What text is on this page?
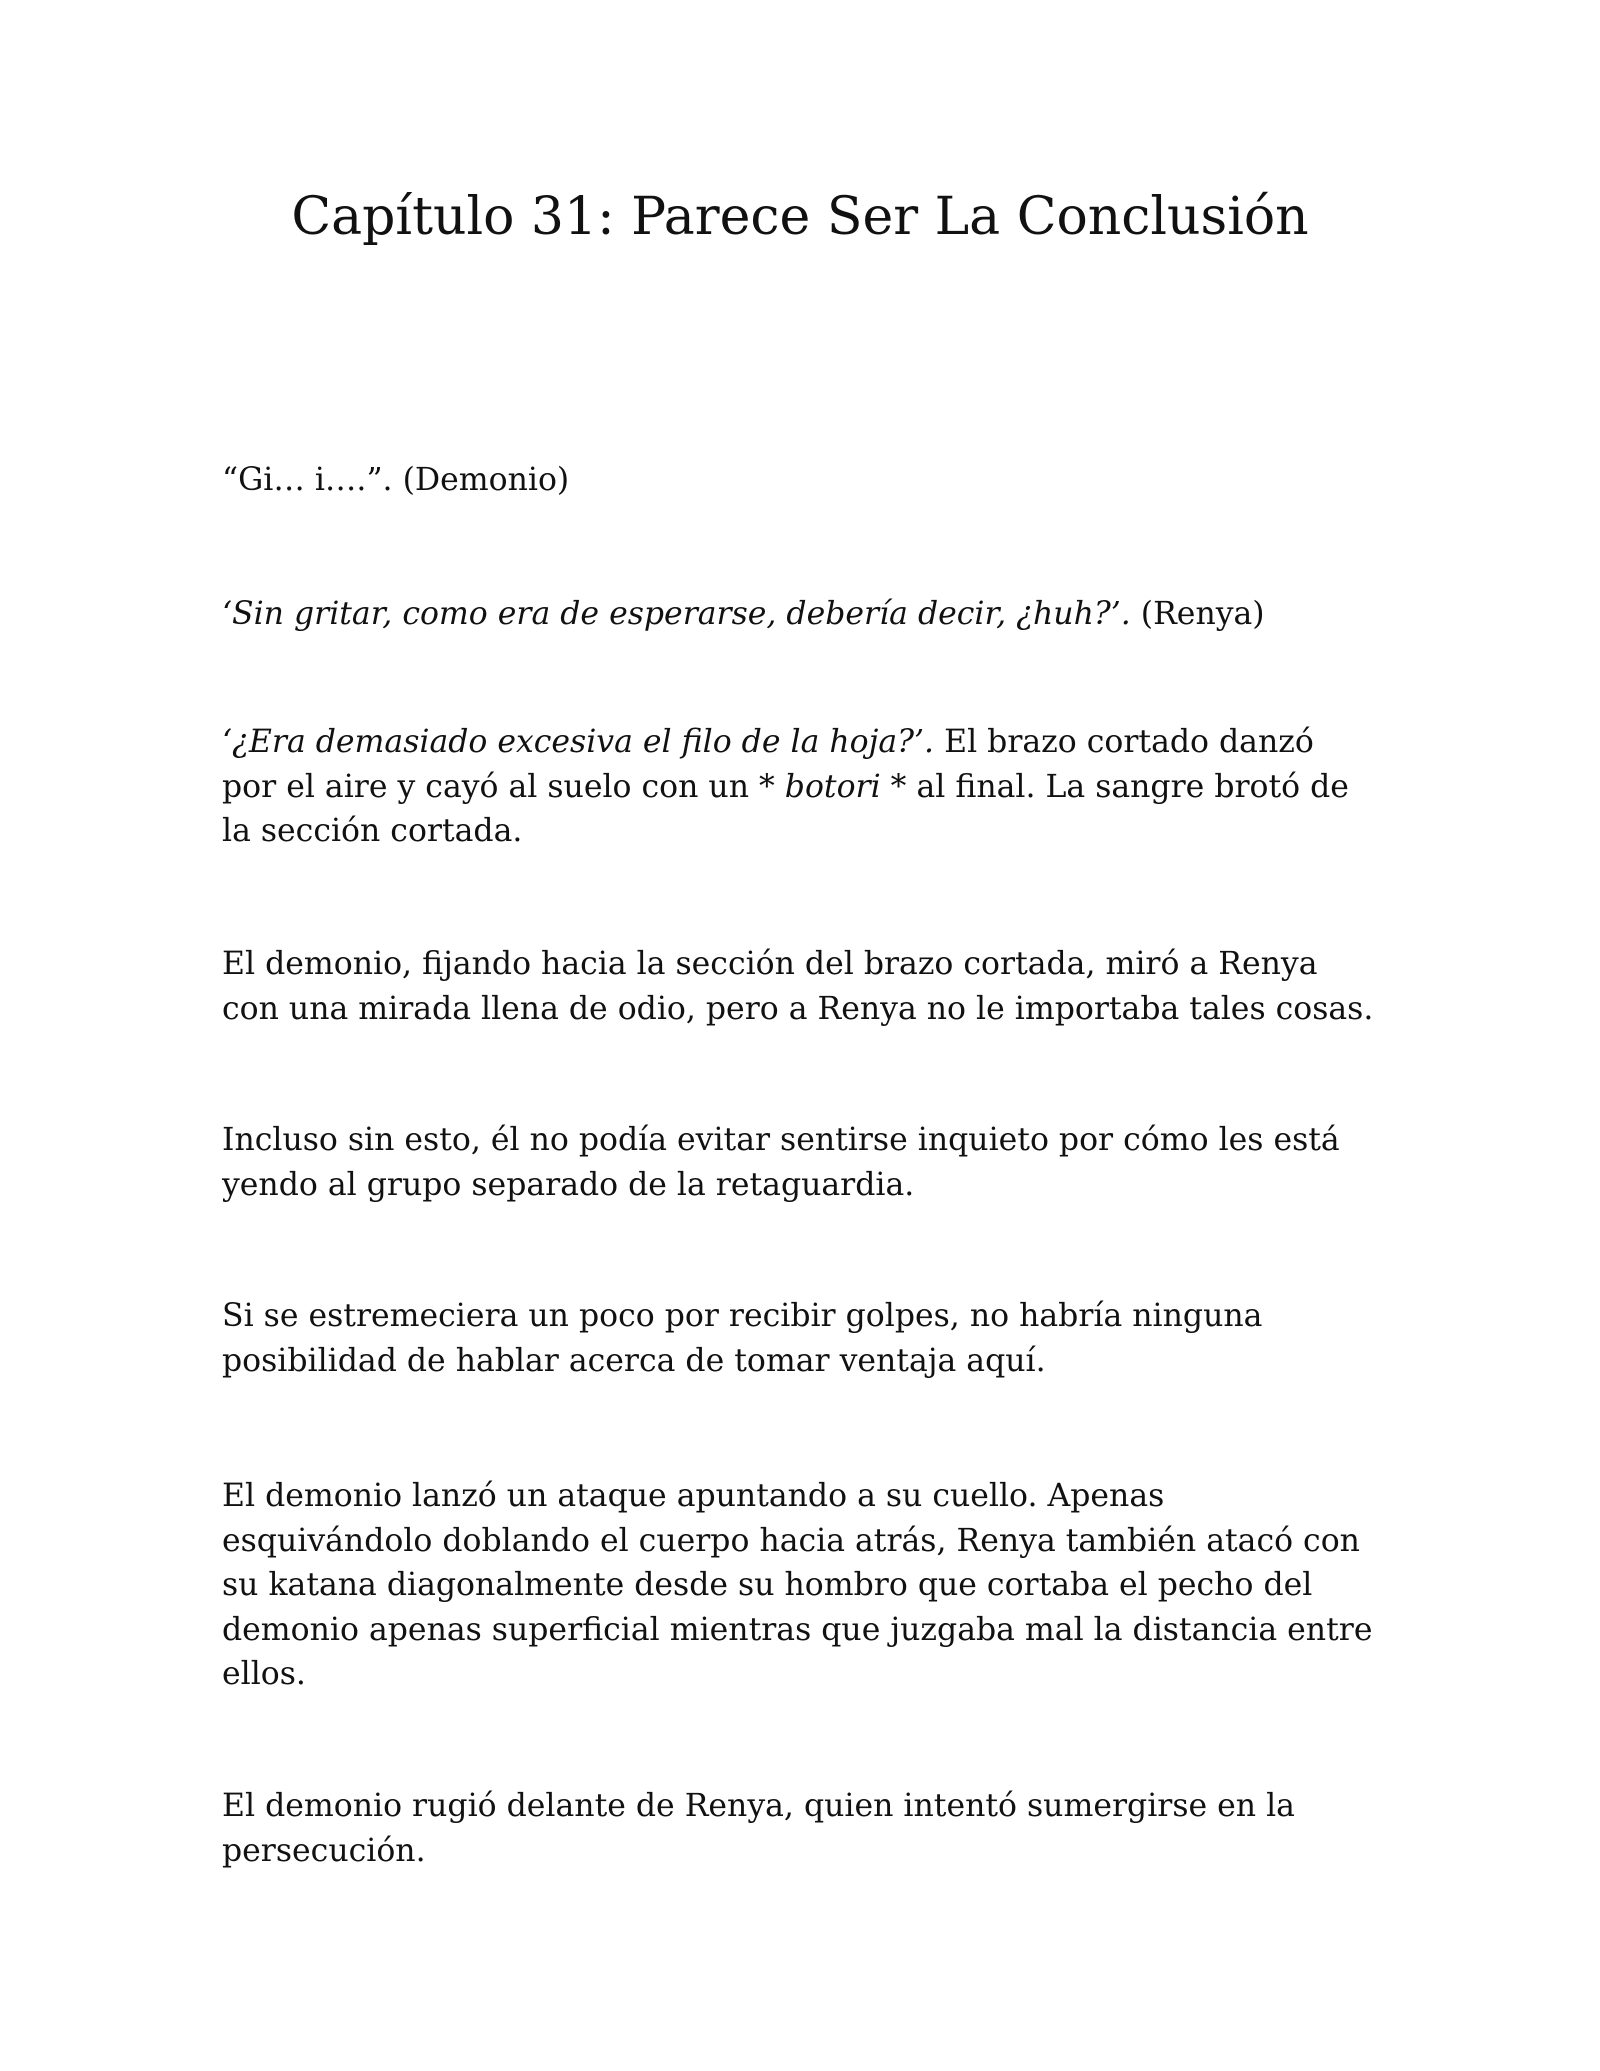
Capítulo 31: Parece Ser La Conclusión

“Gi… i….”. (Demonio)

‘Sin gritar, como era de esperarse, debería decir, ¿huh?’. (Renya)

‘¿Era demasiado excesiva el filo de la hoja?’. El brazo cortado danzó
por el aire y cayó al suelo con un * botori * al final. La sangre brotó de
la sección cortada.

El demonio, fijando hacia la sección del brazo cortada, miró a Renya
con una mirada llena de odio, pero a Renya no le importaba tales cosas.

Incluso sin esto, él no podía evitar sentirse inquieto por cómo les está
yendo al grupo separado de la retaguardia.

Si se estremeciera un poco por recibir golpes, no habría ninguna
posibilidad de hablar acerca de tomar ventaja aquí.

El demonio lanzó un ataque apuntando a su cuello. Apenas
esquivándolo doblando el cuerpo hacia atrás, Renya también atacó con
su katana diagonalmente desde su hombro que cortaba el pecho del
demonio apenas superficial mientras que juzgaba mal la distancia entre
ellos.

El demonio rugió delante de Renya, quien intentó sumergirse en la
persecución.
